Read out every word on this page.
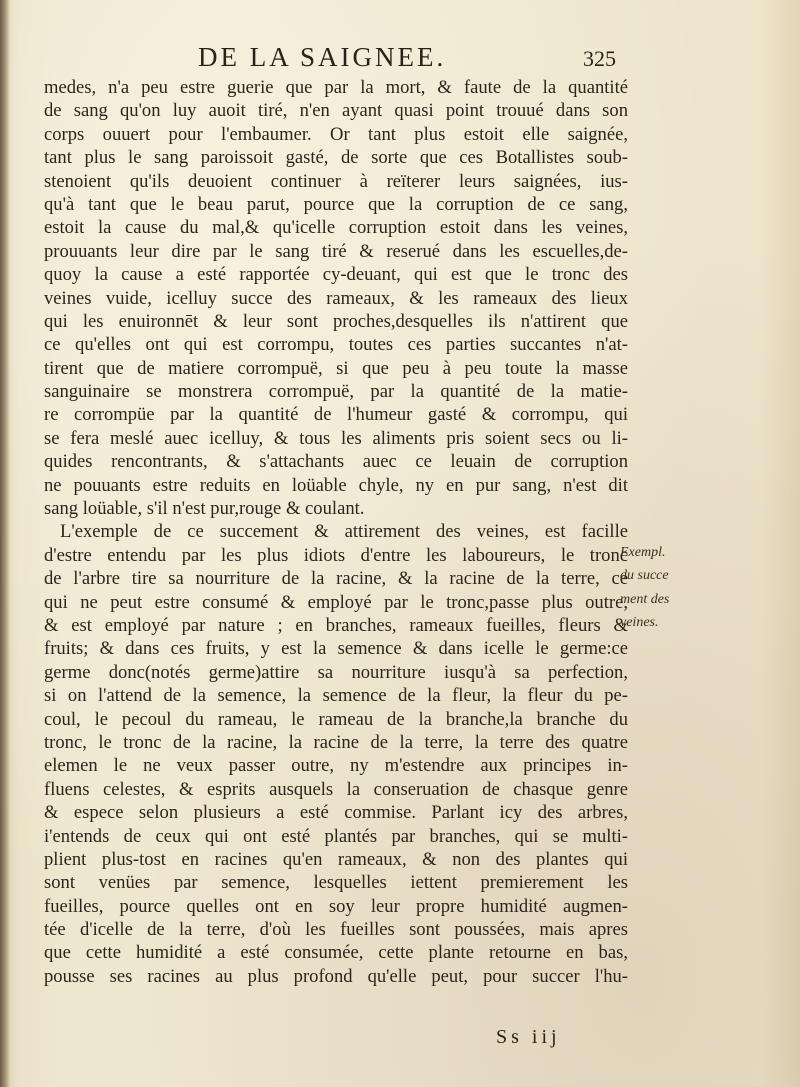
DE LA SAIGNEE.	325
medes, n'a peu estre guerie que par la mort, & faute de la quantité
de sang qu'on luy auoit tiré, n'en ayant quasi point trouué dans son
corps ouuert pour l'embaumer. Or tant plus estoit elle saignée,
tant plus le sang paroissoit gasté, de sorte que ces Botallistes soub-
stenoient qu'ils deuoient continuer à reïterer leurs saignées, ius-
qu'à tant que le beau parut, pource que la corruption de ce sang,
estoit la cause du mal,& qu'icelle corruption estoit dans les veines,
prouuants leur dire par le sang tiré & reserué dans les escuelles,de-
quoy la cause a esté rapportée cy-deuant, qui est que le tronc des
veines vuide, icelluy succe des rameaux, & les rameaux des lieux
qui les enuironnēt & leur sont proches,desquelles ils n'attirent que
ce qu'elles ont qui est corrompu, toutes ces parties succantes n'at-
tirent que de matiere corrompuë, si que peu à peu toute la masse
sanguinaire se monstrera corrompuë, par la quantité de la matie-
re corrompüe par la quantité de l'humeur gasté & corrompu, qui
se fera meslé auec icelluy, & tous les aliments pris soient secs ou li-
quides rencontrants, & s'attachants auec ce leuain de corruption
ne pouuants estre reduits en loüable chyle, ny en pur sang, n'est dit
sang loüable, s'il n'est pur,rouge & coulant.
L'exemple de ce succement & attirement des veines, est facille
d'estre entendu par les plus idiots d'entre les laboureurs, le tronc
de l'arbre tire sa nourriture de la racine, & la racine de la terre, ce
qui ne peut estre consumé & employé par le tronc,passe plus outre,
& est employé par nature ; en branches, rameaux fueilles, fleurs &
fruits; & dans ces fruits, y est la semence & dans icelle le germe:ce
germe donc(notés germe)attire sa nourriture iusqu'à sa perfection,
si on l'attend de la semence, la semence de la fleur, la fleur du pe-
coul, le pecoul du rameau, le rameau de la branche,la branche du
tronc, le tronc de la racine, la racine de la terre, la terre des quatre
elemen le ne veux passer outre, ny m'estendre aux principes in-
fluens celestes, & esprits ausquels la conseruation de chasque genre
& espece selon plusieurs a esté commise. Parlant icy des arbres,
i'entends de ceux qui ont esté plantés par branches, qui se multi-
plient plus-tost en racines qu'en rameaux, & non des plantes qui
sont venües par semence, lesquelles iettent premierement les
fueilles, pource quelles ont en soy leur propre humidité augmen-
tée d'icelle de la terre, d'où les fueilles sont poussées, mais apres
que cette humidité a esté consumée, cette plante retourne en bas,
pousse ses racines au plus profond qu'elle peut, pour succer l'hu-
Exempl.
du succe
ment des
veines.
Ss iij
